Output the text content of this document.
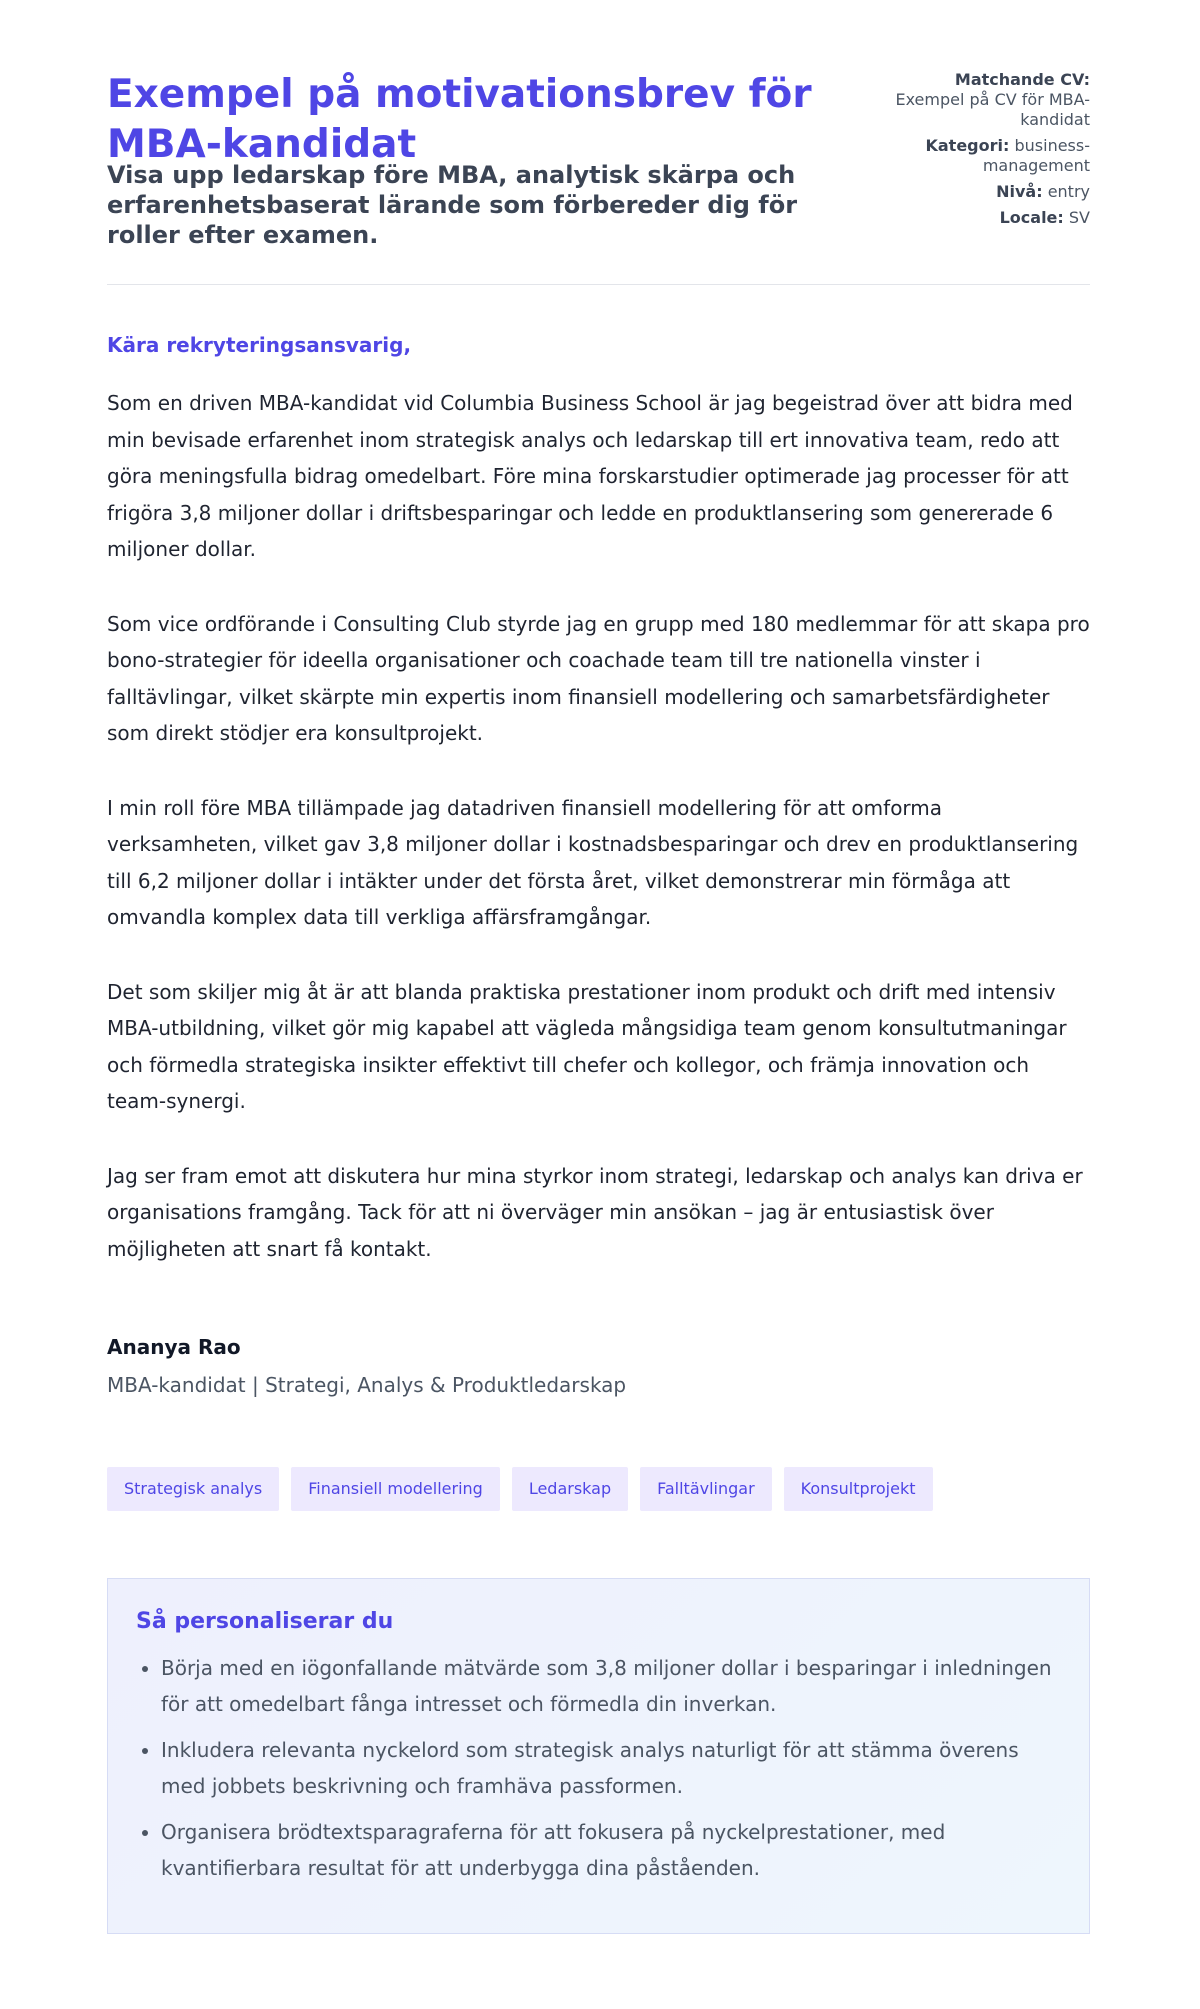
Exempel på motivationsbrev för MBA-kandidat
Visa upp ledarskap före MBA, analytisk skärpa och erfarenhetsbaserat lärande som förbereder dig för roller efter examen.
Matchande CV:
Exempel på CV för MBA-kandidat
Kategori: business-management
Nivå: entry
Locale: SV
Kära rekryteringsansvarig,

Som en driven MBA-kandidat vid Columbia Business School är jag begeistrad över att bidra med min bevisade erfarenhet inom strategisk analys och ledarskap till ert innovativa team, redo att göra meningsfulla bidrag omedelbart. Före mina forskarstudier optimerade jag processer för att frigöra 3,8 miljoner dollar i driftsbesparingar och ledde en produktlansering som genererade 6 miljoner dollar.

Som vice ordförande i Consulting Club styrde jag en grupp med 180 medlemmar för att skapa pro bono-strategier för ideella organisationer och coachade team till tre nationella vinster i falltävlingar, vilket skärpte min expertis inom finansiell modellering och samarbetsfärdigheter som direkt stödjer era konsultprojekt.

I min roll före MBA tillämpade jag datadriven finansiell modellering för att omforma verksamheten, vilket gav 3,8 miljoner dollar i kostnadsbesparingar och drev en produktlansering till 6,2 miljoner dollar i intäkter under det första året, vilket demonstrerar min förmåga att omvandla komplex data till verkliga affärsframgångar.

Det som skiljer mig åt är att blanda praktiska prestationer inom produkt och drift med intensiv MBA-utbildning, vilket gör mig kapabel att vägleda mångsidiga team genom konsultutmaningar och förmedla strategiska insikter effektivt till chefer och kollegor, och främja innovation och team-synergi.

Jag ser fram emot att diskutera hur mina styrkor inom strategi, ledarskap och analys kan driva er organisations framgång. Tack för att ni överväger min ansökan – jag är entusiastisk över möjligheten att snart få kontakt.

Ananya Rao
MBA-kandidat | Strategi, Analys & Produktledarskap
Strategisk analys	Finansiell modellering	Ledarskap	Falltävlingar	Konsultprojekt
Så personaliserar du
• Börja med en iögonfallande mätvärde som 3,8 miljoner dollar i besparingar i inledningen för att omedelbart fånga intresset och förmedla din inverkan.
• Inkludera relevanta nyckelord som strategisk analys naturligt för att stämma överens med jobbets beskrivning och framhäva passformen.
• Organisera brödtextsparagraferna för att fokusera på nyckelprestationer, med kvantifierbara resultat för att underbygga dina påståenden.
